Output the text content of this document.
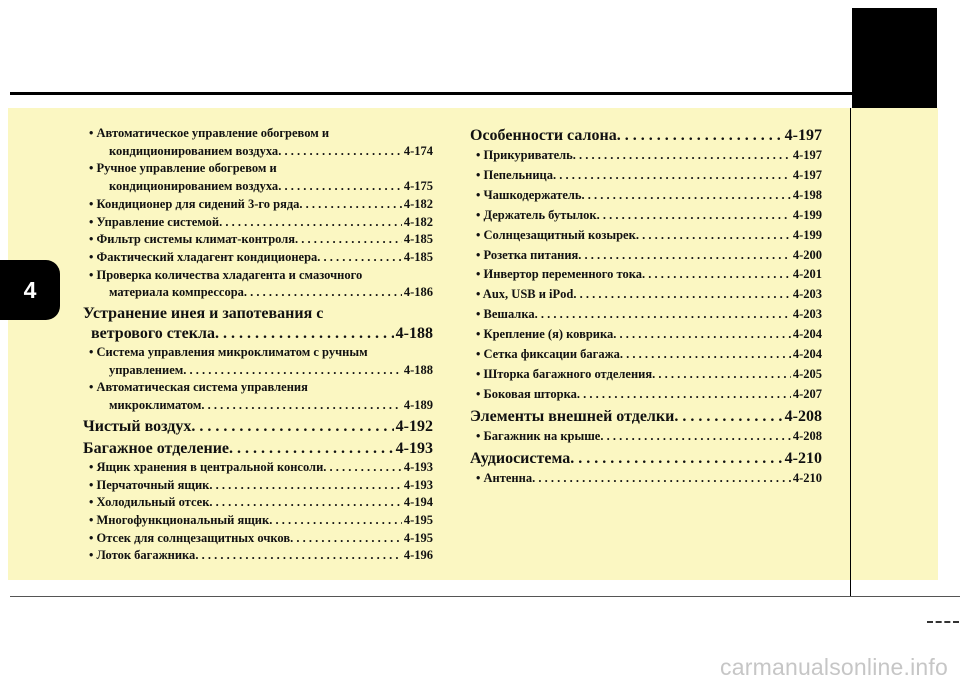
4
• Автоматическое управление обогревом и
кондиционированием воздуха . . .	4-174
• Ручное управление обогревом и
кондиционированием воздуха . . .	4-175
• Кондиционер для сидений 3-го ряда . . .	4-182
• Управление системой . . .	4-182
• Фильтр системы климат-контроля . . .	4-185
• Фактический хладагент кондиционера . . .	4-185
• Проверка количества хладагента и смазочного
материала компрессора . . .	4-186
Устранение инея и запотевания с
ветрового стекла . . .	4-188
• Система управления микроклиматом с ручным
управлением . . .	4-188
• Автоматическая система управления
микроклиматом . . .	4-189
Чистый воздух . . .	4-192
Багажное отделение . . .	4-193
• Ящик хранения в центральной консоли . . .	4-193
• Перчаточный ящик . . .	4-193
• Холодильный отсек . . .	4-194
• Многофункциональный ящик . . .	4-195
• Отсек для солнцезащитных очков . . .	4-195
• Лоток багажника . . .	4-196
Особенности салона . . .	4-197
• Прикуриватель . . .	4-197
• Пепельница . . .	4-197
• Чашкодержатель . . .	4-198
• Держатель бутылок . . .	4-199
• Солнцезащитный козырек . . .	4-199
• Розетка питания . . .	4-200
• Инвертор переменного тока . . .	4-201
• Aux, USB и iPod . . .	4-203
• Вешалка . . .	4-203
• Крепление (я) коврика . . .	4-204
• Сетка фиксации багажа . . .	4-204
• Шторка багажного отделения . . .	4-205
• Боковая шторка . . .	4-207
Элементы внешней отделки . . .	4-208
• Багажник на крыше . . .	4-208
Аудиосистема . . .	4-210
• Антенна . . .	4-210
carmanualsonline.info
